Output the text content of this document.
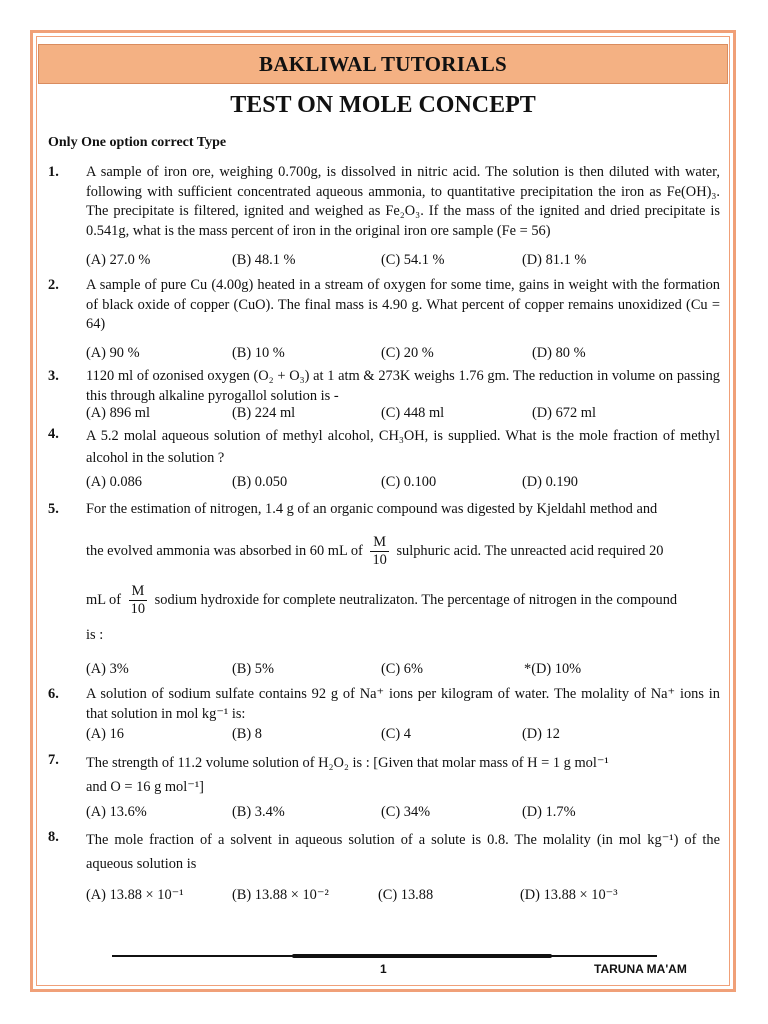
BAKLIWAL TUTORIALS
TEST ON MOLE CONCEPT
Only One option correct Type
1. A sample of iron ore, weighing 0.700g, is dissolved in nitric acid. The solution is then diluted with water, following with sufficient concentrated aqueous ammonia, to quantitative precipitation the iron as Fe(OH)₃. The precipitate is filtered, ignited and weighed as Fe₂O₃. If the mass of the ignited and dried precipitate is 0.541g, what is the mass percent of iron in the original iron ore sample (Fe = 56)
(A) 27.0 %	(B) 48.1 %	(C) 54.1 %	(D) 81.1 %
2. A sample of pure Cu (4.00g) heated in a stream of oxygen for some time, gains in weight with the formation of black oxide of copper (CuO). The final mass is 4.90 g. What percent of copper remains unoxidized (Cu = 64)
(A) 90 %	(B) 10 %	(C) 20 %	(D) 80 %
3. 1120 ml of ozonised oxygen (O₂ + O₃) at 1 atm & 273K weighs 1.76 gm. The reduction in volume on passing this through alkaline pyrogallol solution is -
(A) 896 ml	(B) 224 ml	(C) 448 ml	(D) 672 ml
4. A 5.2 molal aqueous solution of methyl alcohol, CH₃OH, is supplied. What is the mole fraction of methyl alcohol in the solution ?
(A) 0.086	(B) 0.050	(C) 0.100	(D) 0.190
5. For the estimation of nitrogen, 1.4 g of an organic compound was digested by Kjeldahl method and
the evolved ammonia was absorbed in 60 mL of $\frac{M}{10}$ sulphuric acid. The unreacted acid required 20
mL of $\frac{M}{10}$ sodium hydroxide for complete neutralizaton. The percentage of nitrogen in the compound
is :
(A) 3%	(B) 5%	(C) 6%	*(D) 10%
6. A solution of sodium sulfate contains 92 g of Na⁺ ions per kilogram of water. The molality of Na⁺ ions in that solution in mol kg⁻¹ is:
(A) 16	(B) 8	(C) 4	(D) 12
7. The strength of 11.2 volume solution of H₂O₂ is : [Given that molar mass of H = 1 g mol⁻¹
and O = 16 g mol⁻¹]
(A) 13.6%	(B) 3.4%	(C) 34%	(D) 1.7%
8. The mole fraction of a solvent in aqueous solution of a solute is 0.8. The molality (in mol kg⁻¹) of the aqueous solution is
(A) 13.88 × 10⁻¹	(B) 13.88 × 10⁻²	(C) 13.88	(D) 13.88 × 10⁻³
1	TARUNA MA'AM
